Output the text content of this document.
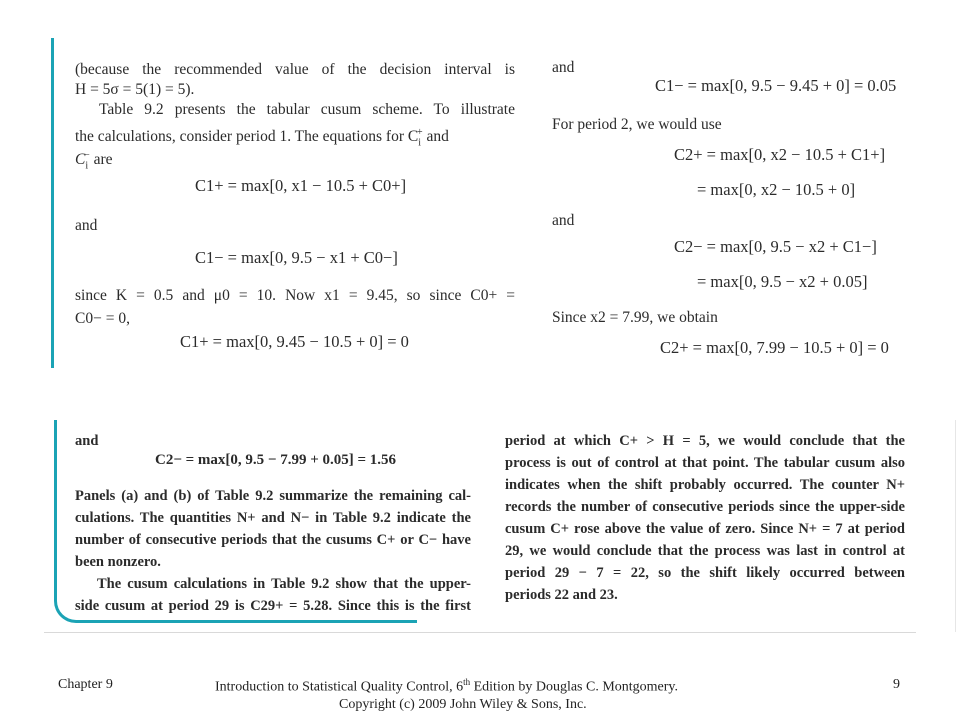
(because the recommended value of the decision interval is
H = 5σ = 5(1) = 5).
Table 9.2 presents the tabular cusum scheme. To illustrate
the calculations, consider period 1. The equations for $C_i^+$ and
$C_i^-$ are
and
since K = 0.5 and μ0 = 10. Now x1 = 9.45, so since C0+ =
C0− = 0,
C1+ = max[0, x1 − 10.5 + C0+]
C1− = max[0, 9.5 − x1 + C0−]
C1+ = max[0, 9.45 − 10.5 + 0] = 0
and
C1− = max[0, 9.5 − 9.45 + 0] = 0.05
For period 2, we would use
C2+ = max[0, x2 − 10.5 + C1+]
= max[0, x2 − 10.5 + 0]
and
C2− = max[0, 9.5 − x2 + C1−]
= max[0, 9.5 − x2 + 0.05]
Since x2 = 7.99, we obtain
C2+ = max[0, 7.99 − 10.5 + 0] = 0
and
Panels (a) and (b) of Table 9.2 summarize the remaining cal-
culations. The quantities N+ and N− in Table 9.2 indicate the
number of consecutive periods that the cusums C+ or C− have
been nonzero.
The cusum calculations in Table 9.2 show that the upper-
side cusum at period 29 is C29+ = 5.28. Since this is the first
C2− = max[0, 9.5 − 7.99 + 0.05] = 1.56
period at which C+ > H = 5, we would conclude that the
process is out of control at that point. The tabular cusum also
indicates when the shift probably occurred. The counter N+
records the number of consecutive periods since the upper-side
cusum C+ rose above the value of zero. Since N+ = 7 at period
29, we would conclude that the process was last in control at
period 29 − 7 = 22, so the shift likely occurred between
periods 22 and 23.
Chapter 9	Introduction to Statistical Quality Control, 6th Edition by Douglas C. Montgomery.
Copyright (c) 2009 John Wiley & Sons, Inc.
9
